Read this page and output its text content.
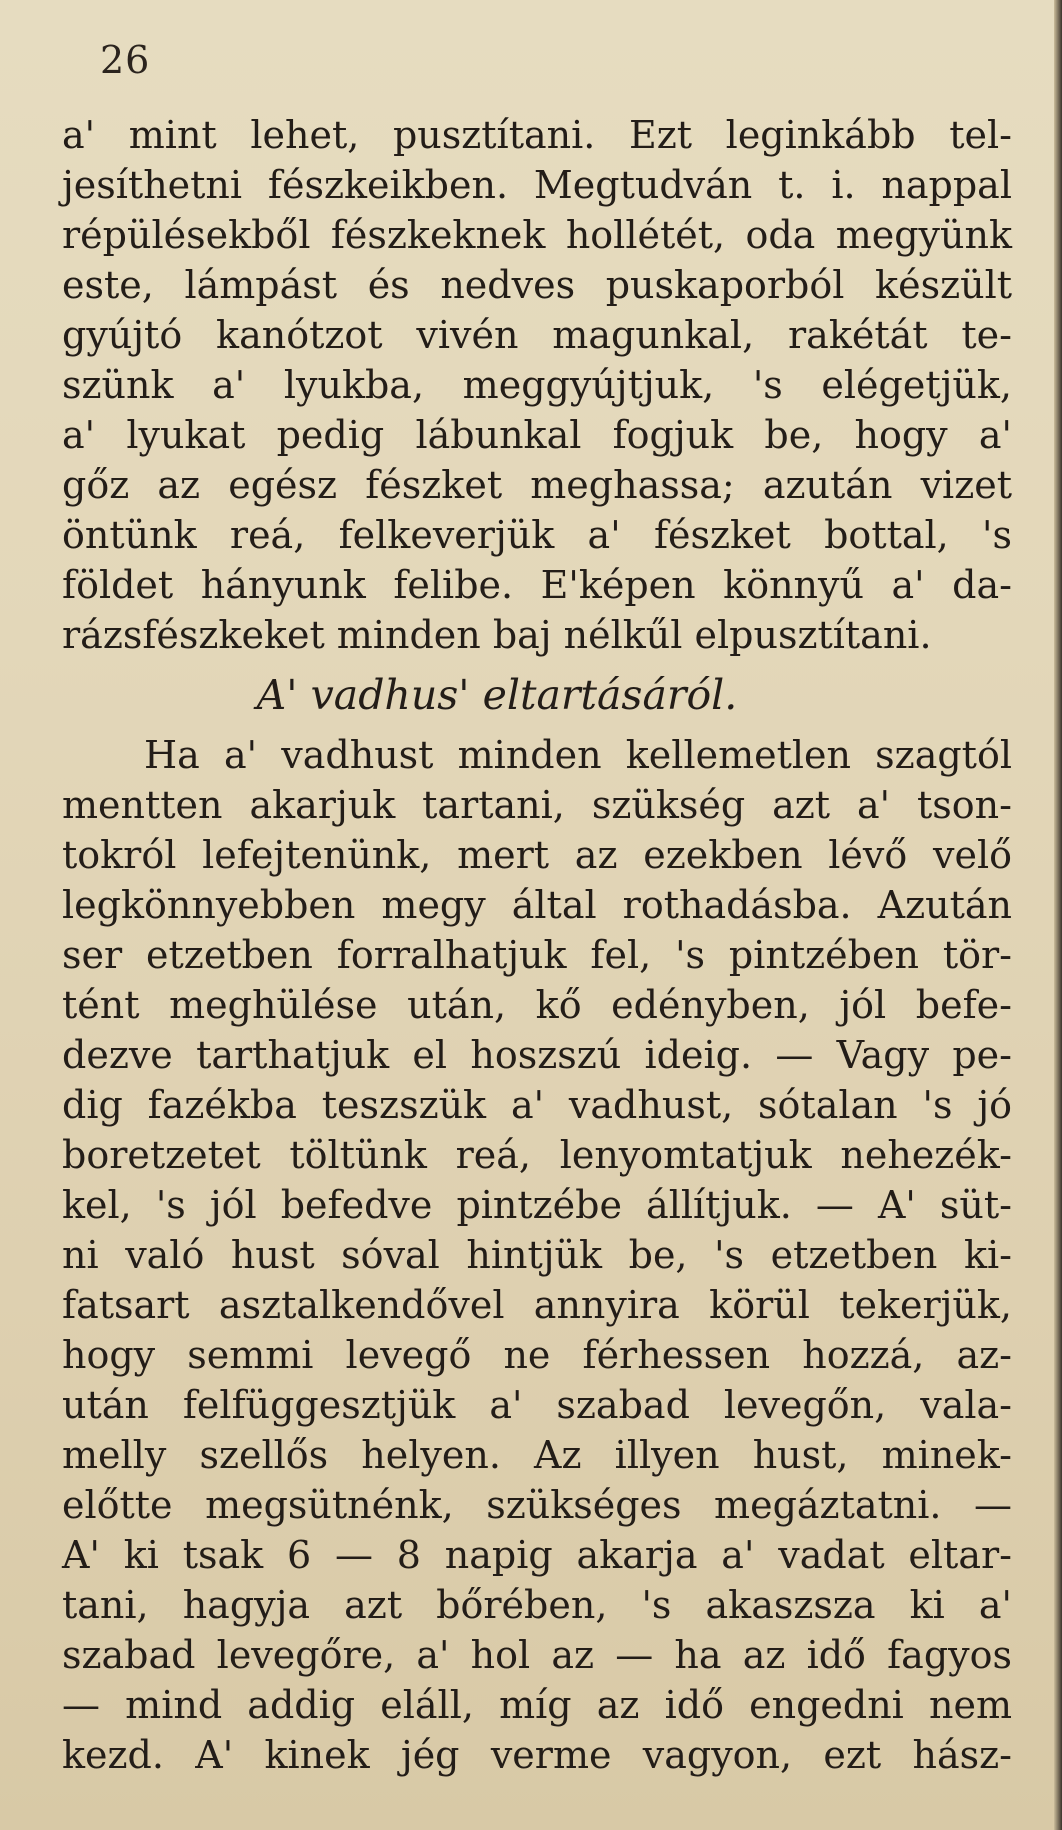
26
a' mint lehet, pusztítani. Ezt leginkább tel-
jesíthetni fészkeikben. Megtudván t. i. nappal
répülésekből fészkeknek hollétét, oda megyünk
este, lámpást és nedves puskaporból készült
gyújtó kanótzot vivén magunkal, rakétát te-
szünk a' lyukba, meggyújtjuk, 's elégetjük,
a' lyukat pedig lábunkal fogjuk be, hogy a'
gőz az egész fészket meghassa; azután vizet
öntünk reá, felkeverjük a' fészket bottal, 's
földet hányunk felibe. E'képen könnyű a' da-
rázsfészkeket minden baj nélkűl elpusztítani.
A' vadhus' eltartásáról.
Ha a' vadhust minden kellemetlen szagtól
mentten akarjuk tartani, szükség azt a' tson-
tokról lefejtenünk, mert az ezekben lévő velő
legkönnyebben megy által rothadásba. Azután
ser etzetben forralhatjuk fel, 's pintzében tör-
tént meghülése után, kő edényben, jól befe-
dezve tarthatjuk el hoszszú ideig. — Vagy pe-
dig fazékba teszszük a' vadhust, sótalan 's jó
boretzetet töltünk reá, lenyomtatjuk nehezék-
kel, 's jól befedve pintzébe állítjuk. — A' süt-
ni való hust sóval hintjük be, 's etzetben ki-
fatsart asztalkendővel annyira körül tekerjük,
hogy semmi levegő ne férhessen hozzá, az-
után felfüggesztjük a' szabad levegőn, vala-
melly szellős helyen. Az illyen hust, minek-
előtte megsütnénk, szükséges megáztatni. —
A' ki tsak 6 — 8 napig akarja a' vadat eltar-
tani, hagyja azt bőrében, 's akaszsza ki a'
szabad levegőre, a' hol az — ha az idő fagyos
— mind addig eláll, míg az idő engedni nem
kezd. A' kinek jég verme vagyon, ezt hász-
